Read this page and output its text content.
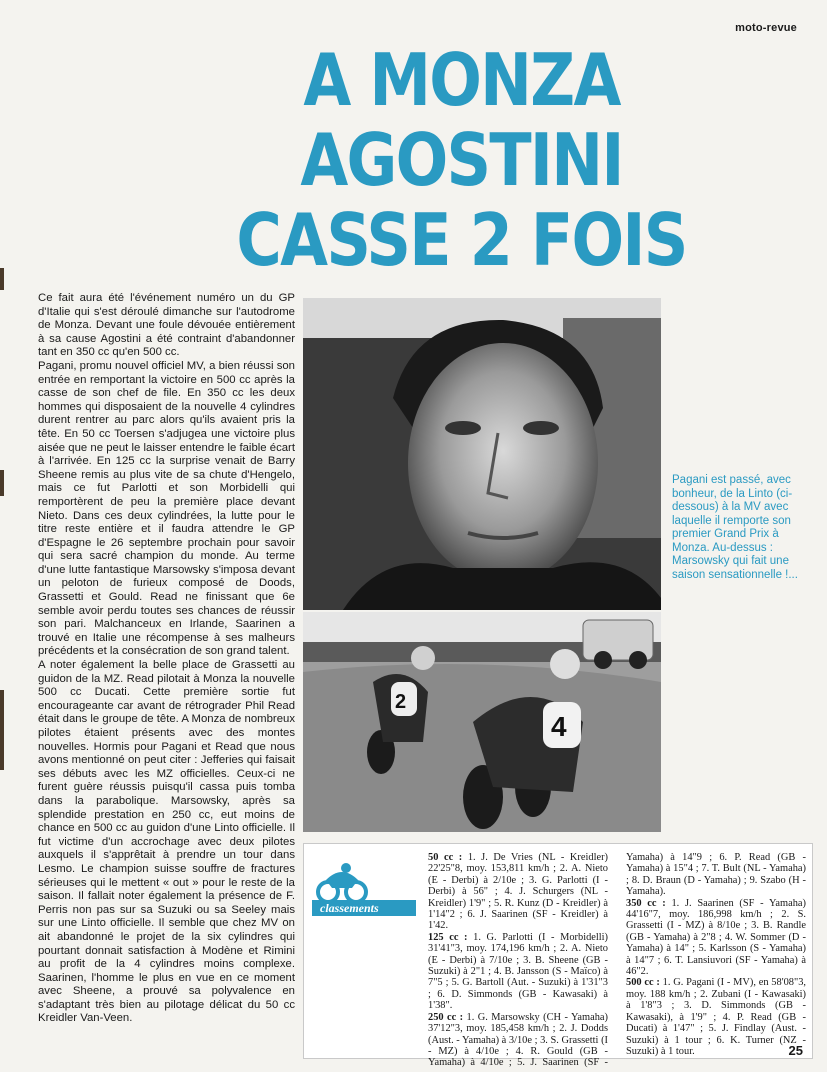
moto-revue
A MONZA
AGOSTINI
CASSE 2 FOIS

Ce fait aura été l'événement numéro un du GP d'Italie qui s'est déroulé dimanche sur l'autodrome de Monza. Devant une foule dévouée entièrement à sa cause Agostini a été contraint d'abandonner tant en 350 cc qu'en 500 cc.

Pagani, promu nouvel officiel MV, a bien réussi son entrée en remportant la victoire en 500 cc après la casse de son chef de file. En 350 cc les deux hommes qui disposaient de la nouvelle 4 cylindres durent rentrer au parc alors qu'ils avaient pris la tête. En 50 cc Toersen s'adjugea une victoire plus aisée que ne peut le laisser entendre le faible écart à l'arrivée. En 125 cc la surprise venait de Barry Sheene remis au plus vite de sa chute d'Hengelo, mais ce fut Parlotti et son Morbidelli qui remportèrent de peu la première place devant Nieto. Dans ces deux cylindrées, la lutte pour le titre reste entière et il faudra attendre le GP d'Espagne le 26 septembre prochain pour savoir qui sera sacré champion du monde. Au terme d'une lutte fantastique Marsowsky s'imposa devant un peloton de furieux composé de Doods, Grassetti et Gould. Read ne finissant que 6e semble avoir perdu toutes ses chances de réussir son pari. Malchanceux en Irlande, Saarinen a trouvé en Italie une récompense à ses malheurs précédents et la consécration de son grand talent.

A noter également la belle place de Grassetti au guidon de la MZ. Read pilotait à Monza la nouvelle 500 cc Ducati. Cette première sortie fut encourageante car avant de rétrograder Phil Read était dans le groupe de tête. A Monza de nombreux pilotes étaient présents avec des montes nouvelles. Hormis pour Pagani et Read que nous avons mentionné on peut citer : Jefferies qui faisait ses débuts avec les MZ officielles. Ceux-ci ne furent guère réussis puisqu'il cassa puis tomba dans la parabolique. Marsowsky, après sa splendide prestation en 250 cc, eut moins de chance en 500 cc au guidon d'une Linto officielle. Il fut victime d'un accrochage avec deux pilotes auxquels il s'apprêtait à prendre un tour dans Lesmo. Le champion suisse souffre de fractures sérieuses qui le mettent « out » pour le reste de la saison. Il fallait noter également la présence de F. Perris non pas sur sa Suzuki ou sa Seeley mais sur une Linto officielle. Il semble que chez MV on ait abandonné le projet de la six cylindres qui pourtant donnait satisfaction à Modène et Rimini au profit de la 4 cylindres moins complexe. Saarinen, l'homme le plus en vue en ce moment avec Sheene, a prouvé sa polyvalence en s'adaptant très bien au pilotage délicat du 50 cc Kreidler Van-Veen.

2
4
Pagani est passé, avec bonheur, de la Linto (ci-dessous) à la MV avec laquelle il remporte son premier Grand Prix à Monza. Au-dessus : Marsowsky qui fait une saison sensationnelle !...
classements

50 cc : 1. J. De Vries (NL - Kreidler) 22'25"8, moy. 153,811 km/h ; 2. A. Nieto (E - Derbi) à 2/10e ; 3. G. Parlotti (I - Derbi) à 56" ; 4. J. Schurgers (NL - Kreidler) 1'9" ; 5. R. Kunz (D - Kreidler) à 1'14"2 ; 6. J. Saarinen (SF - Kreidler) à 1'42.

125 cc : 1. G. Parlotti (I - Morbidelli) 31'41"3, moy. 174,196 km/h ; 2. A. Nieto (E - Derbi) à 7/10e ; 3. B. Sheene (GB - Suzuki) à 2"1 ; 4. B. Jansson (S - Maïco) à 7"5 ; 5. G. Bartoll (Aut. - Suzuki) à 1'31"3 ; 6. D. Simmonds (GB - Kawasaki) à 1'38".

250 cc : 1. G. Marsowsky (CH - Yamaha) 37'12"3, moy. 185,458 km/h ; 2. J. Dodds (Aust. - Yamaha) à 3/10e ; 3. S. Grassetti (I - MZ) à 4/10e ; 4. R. Gould (GB - Yamaha) à 4/10e ; 5. J. Saarinen (SF - Yamaha) à 14"9 ; 6. P. Read (GB - Yamaha) à 15"4 ; 7. T. Bult (NL - Yamaha) ; 8. D. Braun (D - Yamaha) ; 9. Szabo (H - Yamaha).

350 cc : 1. J. Saarinen (SF - Yamaha) 44'16"7, moy. 186,998 km/h ; 2. S. Grassetti (I - MZ) à 8/10e ; 3. B. Randle (GB - Yamaha) à 2"8 ; 4. W. Sommer (D - Yamaha) à 14" ; 5. Karlsson (S - Yamaha) à 14"7 ; 6. T. Lansiuvori (SF - Yamaha) à 46"2.

500 cc : 1. G. Pagani (I - MV), en 58'08"3, moy. 188 km/h ; 2. Zubani (I - Kawasaki) à 1'8"3 ; 3. D. Simmonds (GB - Kawasaki), à 1'9" ; 4. P. Read (GB - Ducati) à 1'47" ; 5. J. Findlay (Aust. - Suzuki) à 1 tour ; 6. K. Turner (NZ - Suzuki) à 1 tour.	25
